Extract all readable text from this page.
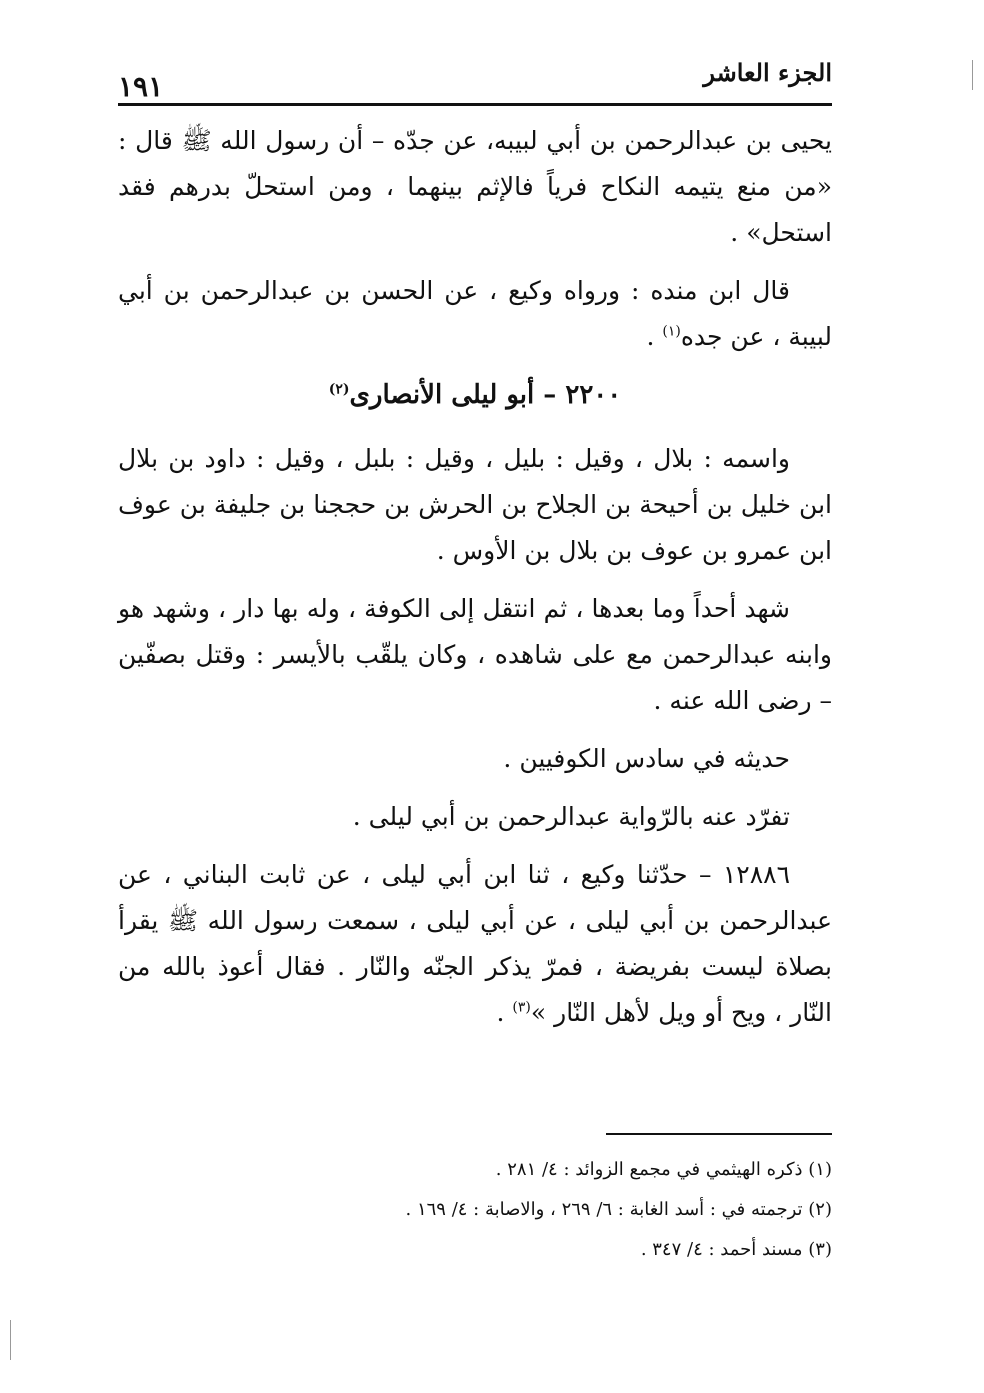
الجزء العاشر
١٩١

يحيى بن عبدالرحمن بن أبي لبيبه، عن جدّه – أن رسول الله ﷺ قال : «من منع يتيمه النكاح فرياً فالإثم بينهما ، ومن استحلّ بدرهم فقد استحل» .

قال ابن منده : ورواه وكيع ، عن الحسن بن عبدالرحمن بن أبي لبيبة ، عن جده$^{(١)}$ .

٢٢٠٠ – أبو ليلى الأنصارى$^{(٢)}$

واسمه : بلال ، وقيل : بليل ، وقيل : بلبل ، وقيل : داود بن بلال ابن خليل بن أحيحة بن الجلاح بن الحرش بن حججنا بن جليفة بن عوف ابن عمرو بن عوف بن بلال بن الأوس .

شهد أحداً وما بعدها ، ثم انتقل إلى الكوفة ، وله بها دار ، وشهد هو وابنه عبدالرحمن مع على شاهده ، وكان يلقّب بالأيسر : وقتل بصفّين – رضى الله عنه .

حديثه في سادس الكوفيين .

تفرّد عنه بالرّواية عبدالرحمن بن أبي ليلى .

١٢٨٨٦ – حدّثنا وكيع ، ثنا ابن أبي ليلى ، عن ثابت البناني ، عن عبدالرحمن بن أبي ليلى ، عن أبي ليلى ، سمعت رسول الله ﷺ يقرأ بصلاة ليست بفريضة ، فمرّ يذكر الجنّه والنّار . فقال أعوذ بالله من النّار ، ويح أو ويل لأهل النّار »$^{(٣)}$ .

(١) ذكره الهيثمي في مجمع الزوائد : ٤/ ٢٨١ .

(٢) ترجمته في : أسد الغابة : ٦/ ٢٦٩ ، والاصابة : ٤/ ١٦٩ .

(٣) مسند أحمد : ٤/ ٣٤٧ .
